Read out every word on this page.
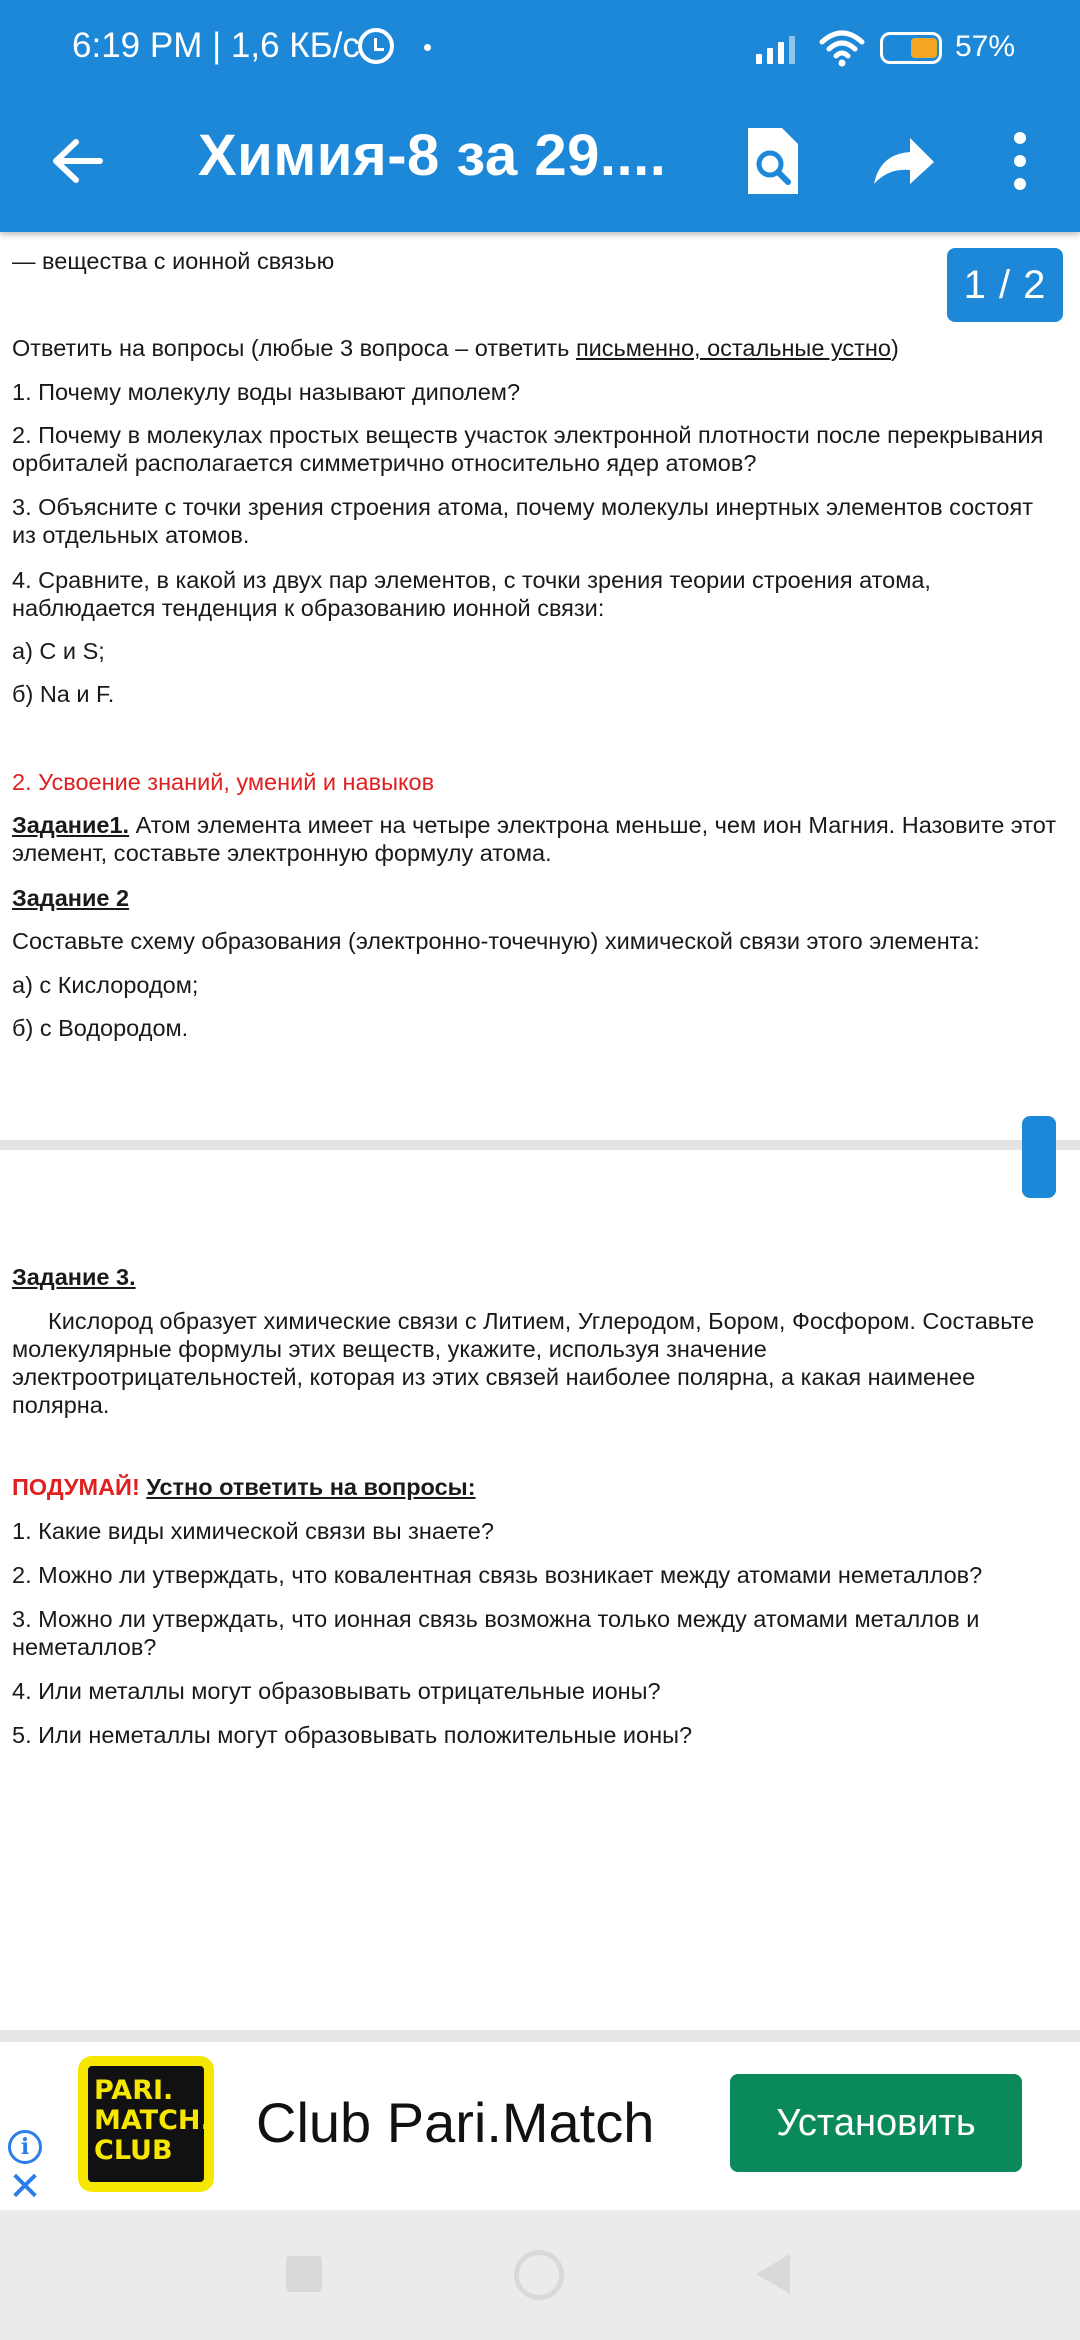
6:19 PM | 1,6 КБ/с	57%
Химия-8 за 29....
1 / 2

— вещества с ионной связью

Ответить на вопросы (любые 3 вопроса – ответить письменно, остальные устно)

1. Почему молекулу воды называют диполем?

2. Почему в молекулах простых веществ участок электронной плотности после перекрывания орбиталей располагается симметрично относительно ядер атомов?

3. Объясните с точки зрения строения атома, почему молекулы инертных элементов состоят из отдельных атомов.

4. Сравните, в какой из двух пар элементов, с точки зрения теории строения атома, наблюдается тенденция к образованию ионной связи:

а) C и S;

б) Na и F.

2. Усвоение знаний, умений и навыков

Задание1. Атом элемента имеет на четыре электрона меньше, чем ион Магния. Назовите этот элемент, составьте электронную формулу атома.

Задание 2

Составьте схему образования (электронно-точечную) химической связи этого элемента:

а) с Кислородом;

б) с Водородом.

Задание 3.

Кислород образует химические связи с Литием, Углеродом, Бором, Фосфором. Составьте молекулярные формулы этих веществ, укажите, используя значение электроотрицательностей, которая из этих связей наиболее полярна, а какая наименее полярна.

ПОДУМАЙ! Устно ответить на вопросы:

1. Какие виды химической связи вы знаете?

2. Можно ли утверждать, что ковалентная связь возникает между атомами неметаллов?

3. Можно ли утверждать, что ионная связь возможна только между атомами металлов и неметаллов?

4. Или металлы могут образовывать отрицательные ионы?

5. Или неметаллы могут образовывать положительные ионы?

i
✕
PARI. MATCH. CLUB	Club Pari.Match	Установить
